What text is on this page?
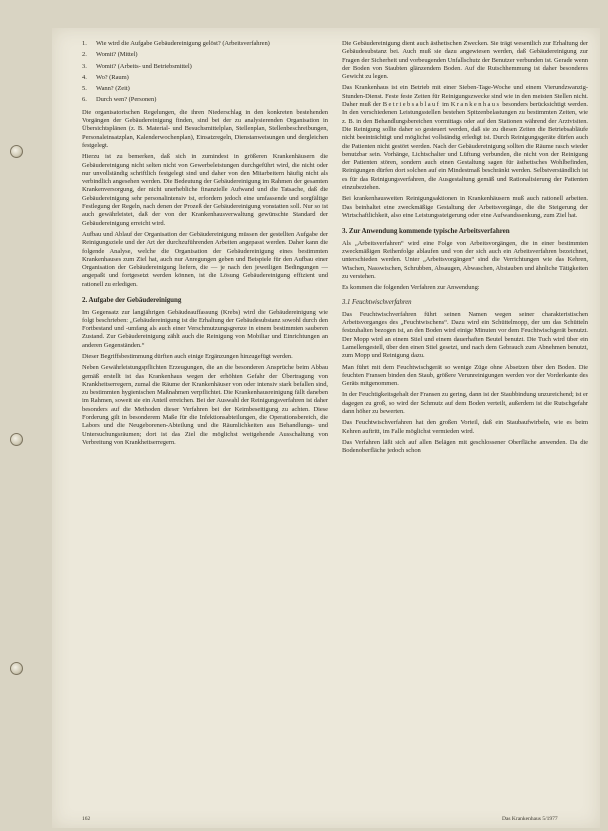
1. Wie wird die Aufgabe Gebäudereinigung gelöst? (Arbeitsverfahren)
2. Womit? (Mittel)
3. Womit? (Arbeits- und Betriebsmittel)
4. Wo? (Raum)
5. Wann? (Zeit)
6. Durch wen? (Personen)

Die organisatorischen Regelungen, die ihren Niederschlag in den konkreten bestehenden Vorgängen der Gebäudereinigung finden, sind bei der zu analysierenden Organisation in Übersichtsplänen (z. B. Material- und Besuchsmittelplan, Stellenplan, Stellenbeschreibungen, Personaleinsatzplan, Kalenderwochenplan), Einsatzregeln, Dienstanweisungen und dergleichen festgelegt.

Hierzu ist zu bemerken, daß sich in zumindest in größeren Krankenhäusern die Gebäudereinigung nicht selten nicht von Gewerbeleistungen durchgeführt wird, die nicht oder nur unvollständig schriftlich festgelegt sind und daher von den Mitarbeitern häufig nicht als verbindlich angesehen werden. Die Bedeutung der Gebäudereinigung im Rahmen der gesamten Krankenversorgung, der nicht unerhebliche finanzielle Aufwand und die Tatsache, daß die Gebäudereinigung sehr personalintensiv ist, erfordern jedoch eine umfassende und sorgfältige Festlegung der Regeln, nach denen der Prozeß der Gebäudereinigung vonstatten soll. Nur so ist auch gewährleistet, daß der von der Krankenhausverwaltung gewünschte Standard der Gebäudereinigung erreicht wird.

Aufbau und Ablauf der Organisation der Gebäudereinigung müssen der gestellten Aufgabe der Reinigungsziele und der Art der durchzuführenden Arbeiten angepasst werden. Daher kann die folgende Analyse, welche die Organisation der Gebäudereinigung eines bestimmten Krankenhauses zum Ziel hat, auch nur Anregungen geben und Beispiele für den Aufbau einer Organisation der Gebäudereinigung liefern, die — je nach den jeweiligen Bedingungen — angepaßt und fortgesetzt werden können, ist die Lösung Gebäudereinigung effizient und rationell zu erledigen.

2. Aufgabe der Gebäudereinigung

Im Gegensatz zur langjährigen Gebäudeauffassung (Krebs) wird die Gebäudereinigung wie folgt beschrieben: „Gebäudereinigung ist die Erhaltung der Gebäudesubstanz sowohl durch den Fortbestand und -umfang als auch einer Verschmutzungsgrenze in einem bestimmten sauberen Zustand. Zur Gebäudereinigung zählt auch die Reinigung von Mobiliar und Einrichtungen an anderen Gegenständen.“

Dieser Begriffsbestimmung dürften auch einige Ergänzungen hinzugefügt werden.

Neben Gewährleistungspflichten Erzeugungen, die an die besonderen Ansprüche beim Abbau gemäß erstellt ist das Krankenhaus wegen der erhöhten Gefahr der Übertragung von Krankheitserregern, zumal die Räume der Krankenhäuser von oder intensiv stark befallen sind, zu bestimmten hygienischen Maßnahmen verpflichtet. Die Krankenhausreinigung fällt daneben im Rahmen, soweit sie ein Anteil erreichen. Bei der Auswahl der Reinigungsverfahren ist daher besonders auf die Methoden dieser Verfahren bei der Keimbeseitigung zu achten. Diese Forderung gilt in besonderem Maße für die Infektionsabteilungen, die Operationsbereich, die Labors und die Neugeborenen-Abteilung und die Räumlichkeiten aus Behandlungs- und Untersuchungsräumen; dort ist das Ziel die möglichst weitgehende Ausschaltung von Verbreitung von Krankheitserregern.

Die Gebäudereinigung dient auch ästhetischen Zwecken. Sie trägt wesentlich zur Erhaltung der Gebäudesubstanz bei. Auch muß sie dazu angewiesen werden, daß Gebäudereinigung zur Fragen der Sicherheit und vorbeugenden Unfallschutz der Benutzer verbunden ist. Gerade wenn der Boden von Staubten glänzendem Boden. Auf die Rutschhemmung ist daher besonderes Gewicht zu legen.

Das Krankenhaus ist ein Betrieb mit einer Sieben-Tage-Woche und einem Vierundzwanzig-Stunden-Dienst. Feste feste Zeiten für Reinigungszwecke sind wie in den meisten Stellen nicht. Daher muß der Betriebsablauf im Krankenhaus besonders berücksichtigt werden. In den verschiedenen Leistungsstellen bestehen Spitzenbelastungen zu bestimmten Zeiten, wie z. B. in den Behandlungsbereichen vormittags oder auf den Stationen während der Arztvisiten. Die Reinigung sollte daher so gesteuert werden, daß sie zu diesen Zeiten die Betriebsabläufe nicht beeinträchtigt und möglichst vollständig erledigt ist. Durch Reinigungsgeräte dürfen auch die Patienten nicht gestört werden. Nach der Gebäudereinigung sollten die Räume rasch wieder benutzbar sein. Vorhänge, Lichtschalter und Lüftung verbunden, die nicht von der Reinigung der Patienten stören, sondern auch einen Gestaltung sagen für ästhetisches Wohlbefinden, Reinigungen dürfen dort solchen auf ein Mindestmaß beschränkt werden. Selbstverständlich ist es für das Reinigungsverfahren, die Ausgestaltung gemäß und Rationalisierung der Patienten einzubeziehen.

Bei krankenhausweiten Reinigungsaktionen in Krankenhäusern muß auch rationell arbeiten. Das beinhaltet eine zweckmäßige Gestaltung der Arbeitsvorgänge, die die Steigerung der Wirtschaftlichkeit, also eine Leistungssteigerung oder eine Aufwandssenkung, zum Ziel hat.

3. Zur Anwendung kommende typische Arbeitsverfahren

Als „Arbeitsverfahren“ wird eine Folge von Arbeitsvorgängen, die in einer bestimmten zweckmäßigen Reihenfolge ablaufen und von der sich auch ein Arbeitsverfahren bezeichnet, unterschieden werden. Unter „Arbeitsvorgängen“ sind die Verrichtungen wie das Kehren, Wischen, Nasswischen, Schrubben, Absaugen, Abwaschen, Abstauben und ähnliche Tätigkeiten zu verstehen.

Es kommen die folgenden Verfahren zur Anwendung:

3.1 Feuchtwischverfahren

Das Feuchtwischverfahren führt seinen Namen wegen seiner charakteristischen Arbeitsvorganges des „Feuchtwischens“. Dazu wird ein Schüttelmopp, der um das Schütteln festzuhalten bezogen ist, an den Boden wird einige Minuten vor dem Feuchtwischgerät benutzt. Der Mopp wird an einem Stiel und einem dauerhaften Beutel benutzt. Die Tuch wird über ein Lamellengestell, über den einen Stiel gesetzt, und nach dem Gebrauch zum Abnehmen benutzt, zum Mopp und Reinigung dazu.

Man führt mit dem Feuchtwischgerät so wenige Züge ohne Absetzen über den Boden. Die feuchten Fransen binden den Staub, größere Verunreinigungen werden vor der Vorderkante des Geräts mitgenommen.

In der Feuchtigkeitsgehalt der Fransen zu gering, dann ist der Staubbindung unzureichend; ist er dagegen zu groß, so wird der Schmutz auf dem Boden verteilt, außerdem ist die Rutschgefahr dann höher zu bewerten.

Das Feuchtwischverfahren hat den großen Vorteil, daß ein Staubaufwirbeln, wie es beim Kehren auftritt, im Falle möglichst vermieden wird.

Das Verfahren läßt sich auf allen Belägen mit geschlossener Oberfläche anwenden. Da die Bodenoberfläche jedoch schon

162	Das Krankenhaus 5/1977
